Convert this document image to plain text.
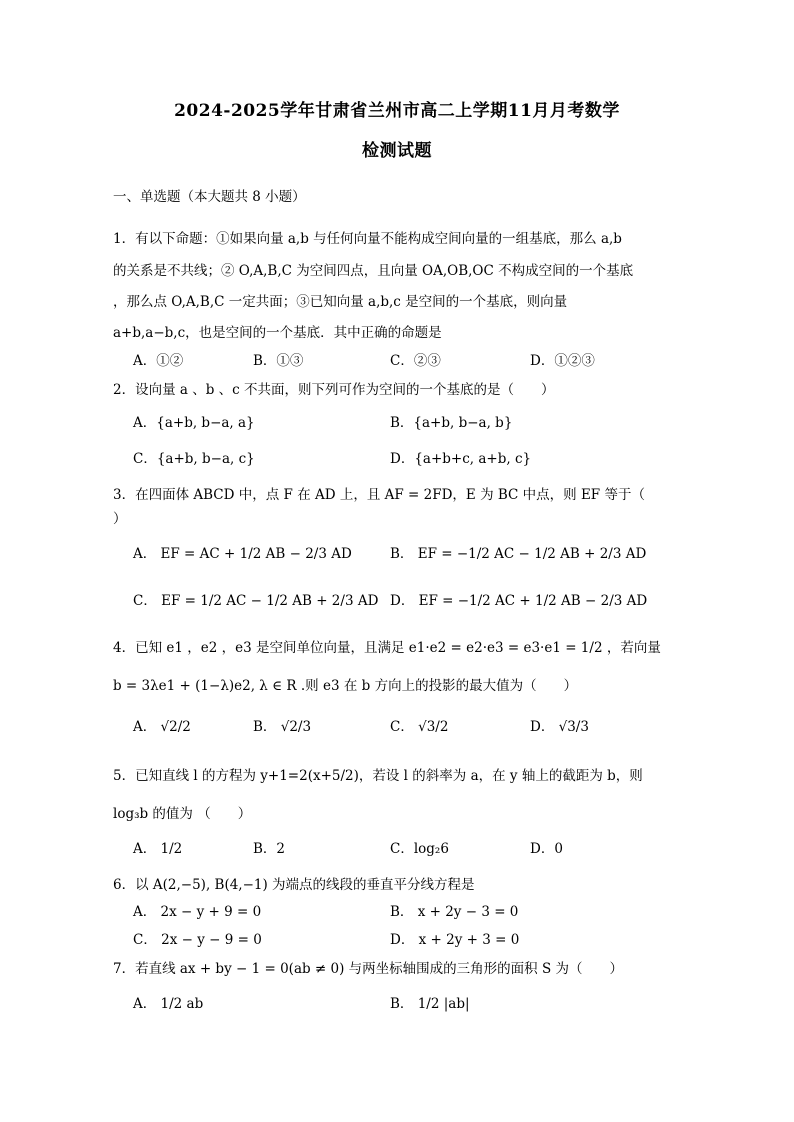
2024-2025学年甘肃省兰州市高二上学期11月月考数学
检测试题
一、单选题（本大题共 8 小题）
1．有以下命题：①如果向量 a,b 与任何向量不能构成空间向量的一组基底，那么 a,b
的关系是不共线；② O,A,B,C 为空间四点，且向量 OA,OB,OC 不构成空间的一个基底
，那么点 O,A,B,C 一定共面；③已知向量 a,b,c 是空间的一个基底，则向量
a+b,a−b,c，也是空间的一个基底．其中正确的命题是
A．①②	B．①③	C．②③	D．①②③
2．设向量 a 、b 、c 不共面，则下列可作为空间的一个基底的是（　　）
A．{a+b, b−a, a}	B．{a+b, b−a, b}
C．{a+b, b−a, c}	D．{a+b+c, a+b, c}
3．在四面体 ABCD 中，点 F 在 AD 上，且 AF = 2FD，E 为 BC 中点，则 EF 等于（
）
A． EF = AC + 1/2 AB − 2/3 AD	B． EF = −1/2 AC − 1/2 AB + 2/3 AD
C． EF = 1/2 AC − 1/2 AB + 2/3 AD D． EF = −1/2 AC + 1/2 AB − 2/3 AD
4．已知 e1 ，e2 ，e3 是空间单位向量，且满足 e1·e2 = e2·e3 = e3·e1 = 1/2 ，若向量
b = 3λe1 + (1−λ)e2, λ ∈ R .则 e3 在 b 方向上的投影的最大值为（　　）
A． √2/2	B． √2/3	C． √3/2	D． √3/3
5．已知直线 l 的方程为 y+1=2(x+5/2)，若设 l 的斜率为 a，在 y 轴上的截距为 b，则
log₃b 的值为 （　　）
A． 1/2	B．2	C．log₂6	D．0
6．以 A(2,−5), B(4,−1) 为端点的线段的垂直平分线方程是
A． 2x − y + 9 = 0	B． x + 2y − 3 = 0
C． 2x − y − 9 = 0	D． x + 2y + 3 = 0
7．若直线 ax + by − 1 = 0(ab ≠ 0) 与两坐标轴围成的三角形的面积 S 为（　　）
A． 1/2 ab	B． 1/2 |ab|
